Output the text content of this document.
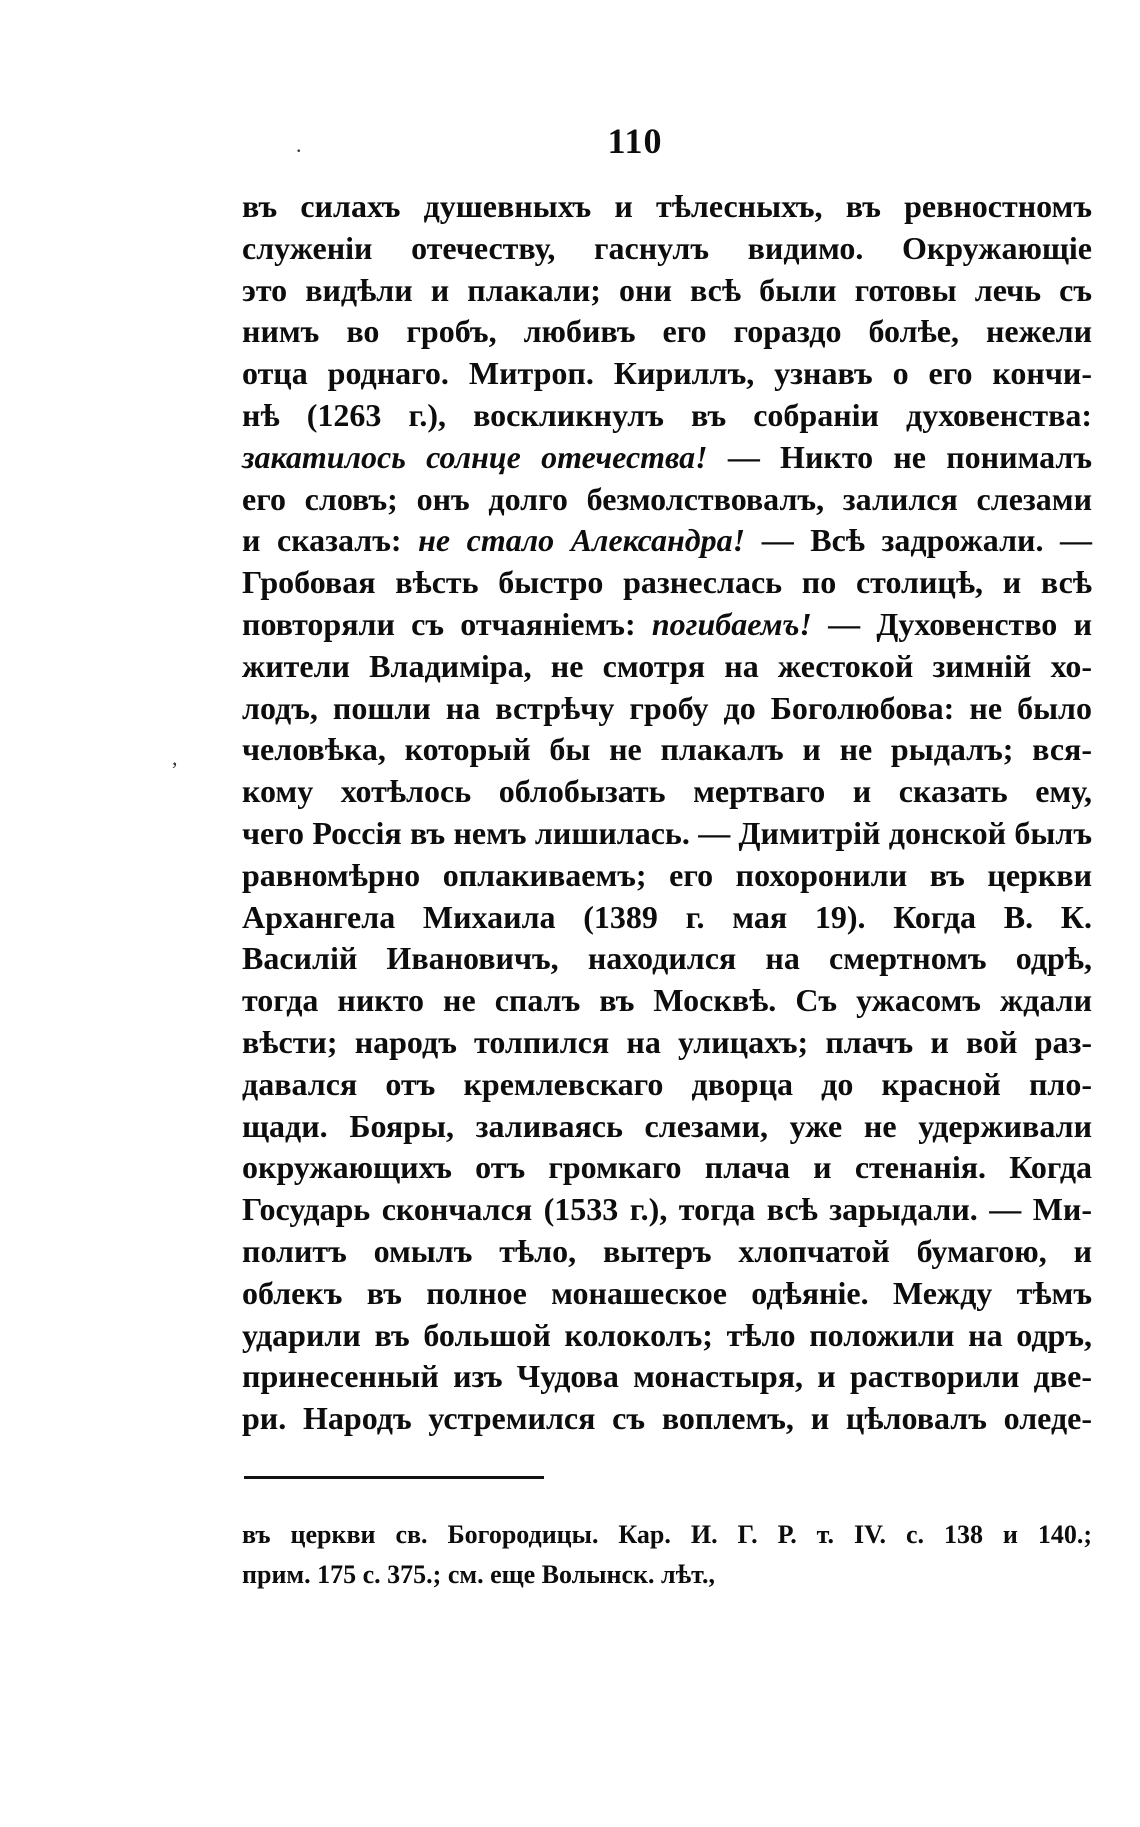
.
,
110
въ силахъ душевныхъ и тѣлесныхъ, въ ревностномъ
служеніи отечеству, гаснулъ видимо. Окружающіе
это видѣли и плакали; они всѣ были готовы лечь съ
нимъ во гробъ, любивъ его гораздо болѣе, нежели
отца роднаго. Митроп. Кириллъ, узнавъ о его кончи-
нѣ (1263 г.), воскликнулъ въ собраніи духовенства:
закатилось солнце отечества! — Никто не понималъ
его словъ; онъ долго безмолствовалъ, залился слезами
и сказалъ: не стало Александра! — Всѣ задрожали. —
Гробовая вѣсть быстро разнеслась по столицѣ, и всѣ
повторяли съ отчаяніемъ: погибаемъ! — Духовенство и
жители Владиміра, не смотря на жестокой зимній хо-
лодъ, пошли на встрѣчу гробу до Боголюбова: не было
человѣка, который бы не плакалъ и не рыдалъ; вся-
кому хотѣлось облобызать мертваго и сказать ему,
чего Россія въ немъ лишилась. — Димитрій донской былъ
равномѣрно оплакиваемъ; его похоронили въ церкви
Архангела Михаила (1389 г. мая 19). Когда В. К.
Василій Ивановичъ, находился на смертномъ одрѣ,
тогда никто не спалъ въ Москвѣ. Съ ужасомъ ждали
вѣсти; народъ толпился на улицахъ; плачъ и вой раз-
давался отъ кремлевскаго дворца до красной пло-
щади. Бояры, заливаясь слезами, уже не удерживали
окружающихъ отъ громкаго плача и стенанія. Когда
Государь скончался (1533 г.), тогда всѣ зарыдали. — Ми-
политъ омылъ тѣло, вытеръ хлопчатой бумагою, и
облекъ въ полное монашеское одѣяніе. Между тѣмъ
ударили въ большой колоколъ; тѣло положили на одръ,
принесенный изъ Чудова монастыря, и растворили две-
ри. Народъ устремился съ воплемъ, и цѣловалъ оледе-
въ церкви св. Богородицы. Кар. И. Г. Р. т. IV. с. 138 и 140.;
прим. 175 с. 375.; см. еще Волынск. лѣт.,
